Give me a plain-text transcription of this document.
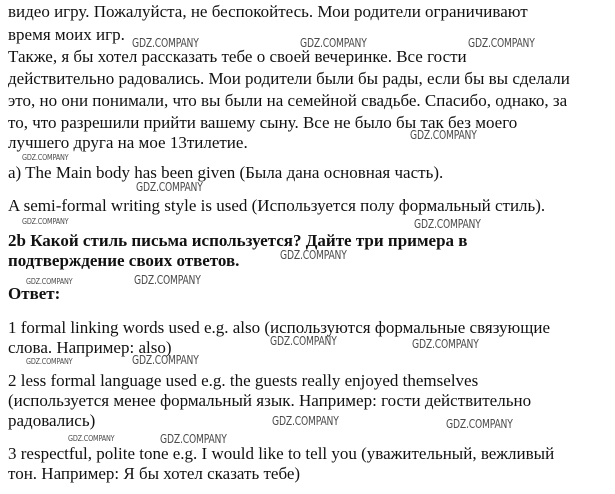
видео игру. Пожалуйста, не беспокойтесь. Мои родители ограничивают
время моих игр.
Также, я бы хотел рассказать тебе о своей вечеринке. Все гости
действительно радовались. Мои родители были бы рады, если бы вы сделали
это, но они понимали, что вы были на семейной свадьбе. Спасибо, однако, за
то, что разрешили прийти вашему сыну. Все не было бы так без моего
лучшего друга на мое 13тилетие.
a) The Main body has been given (Была дана основная часть).
A semi-formal writing style is used (Используется полу формальный стиль).
2b Какой стиль письма используется? Дайте три примера в
подтверждение своих ответов.
Ответ:
1 formal linking words used e.g. also (используются формальные связующие
слова. Например: also)
2 less formal language used e.g. the guests really enjoyed themselves
(используется менее формальный язык. Например: гости действительно
радовались)
3 respectful, polite tone e.g. I would like to tell you (уважительный, вежливый
тон. Например: Я бы хотел сказать тебе)
GDZ.COMPANY	GDZ.COMPANY	GDZ.COMPANY
GDZ.COMPANY
GDZ.COMPANY
GDZ.COMPANY
GDZ.COMPANY	GDZ.COMPANY
GDZ.COMPANY
GDZ.COMPANY	GDZ.COMPANY
GDZ.COMPANY	GDZ.COMPANY
GDZ.COMPANY
GDZ.COMPANY
GDZ.COMPANY	GDZ.COMPANY
GDZ.COMPANY	GDZ.COMPANY
